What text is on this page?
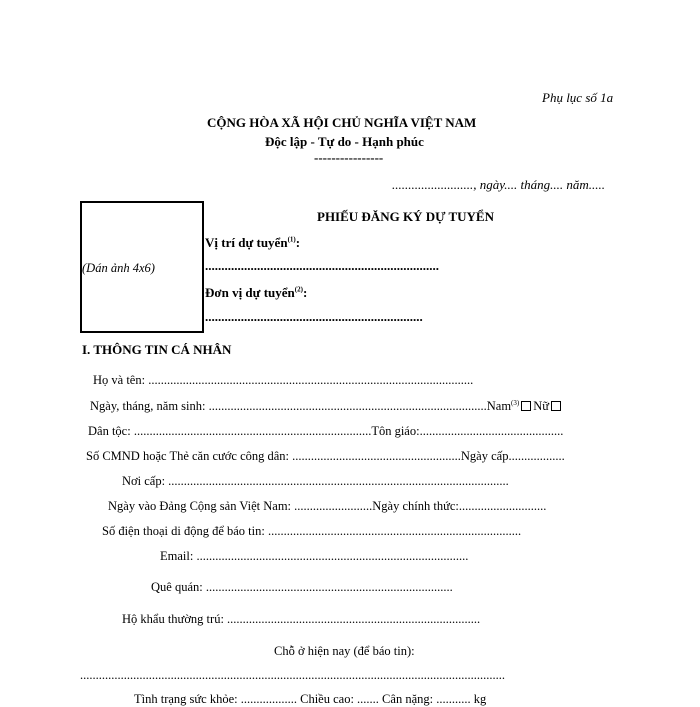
Phụ lục số 1a
CỘNG HÒA XÃ HỘI CHỦ NGHĨA VIỆT NAM
Độc lập - Tự do - Hạnh phúc
----------------
........................., ngày.... tháng.... năm.....
(Dán ảnh 4x6)
PHIẾU ĐĂNG KÝ DỰ TUYỂN
Vị trí dự tuyển$^{(1)}$:
........................................................................
Đơn vị dự tuyển$^{(2)}$:
...................................................................
I. THÔNG TIN CÁ NHÂN
Họ và tên: ........................................................................................................
Ngày, tháng, năm sinh: .........................................................................................Nam$^{(3)}$ Nữ
Dân tộc: ............................................................................Tôn giáo:..............................................
Số CMND hoặc Thẻ căn cước công dân: ......................................................Ngày cấp..................
Nơi cấp: .............................................................................................................
Ngày vào Đảng Cộng sản Việt Nam: .........................Ngày chính thức:............................
Số điện thoại di động để báo tin: .................................................................................
Email: .......................................................................................
Quê quán: ...............................................................................
Hộ khẩu thường trú: .................................................................................
Chỗ ở hiện nay (để báo tin):
........................................................................................................................................
Tình trạng sức khỏe: .................. Chiều cao: ....... Cân nặng: ........... kg
